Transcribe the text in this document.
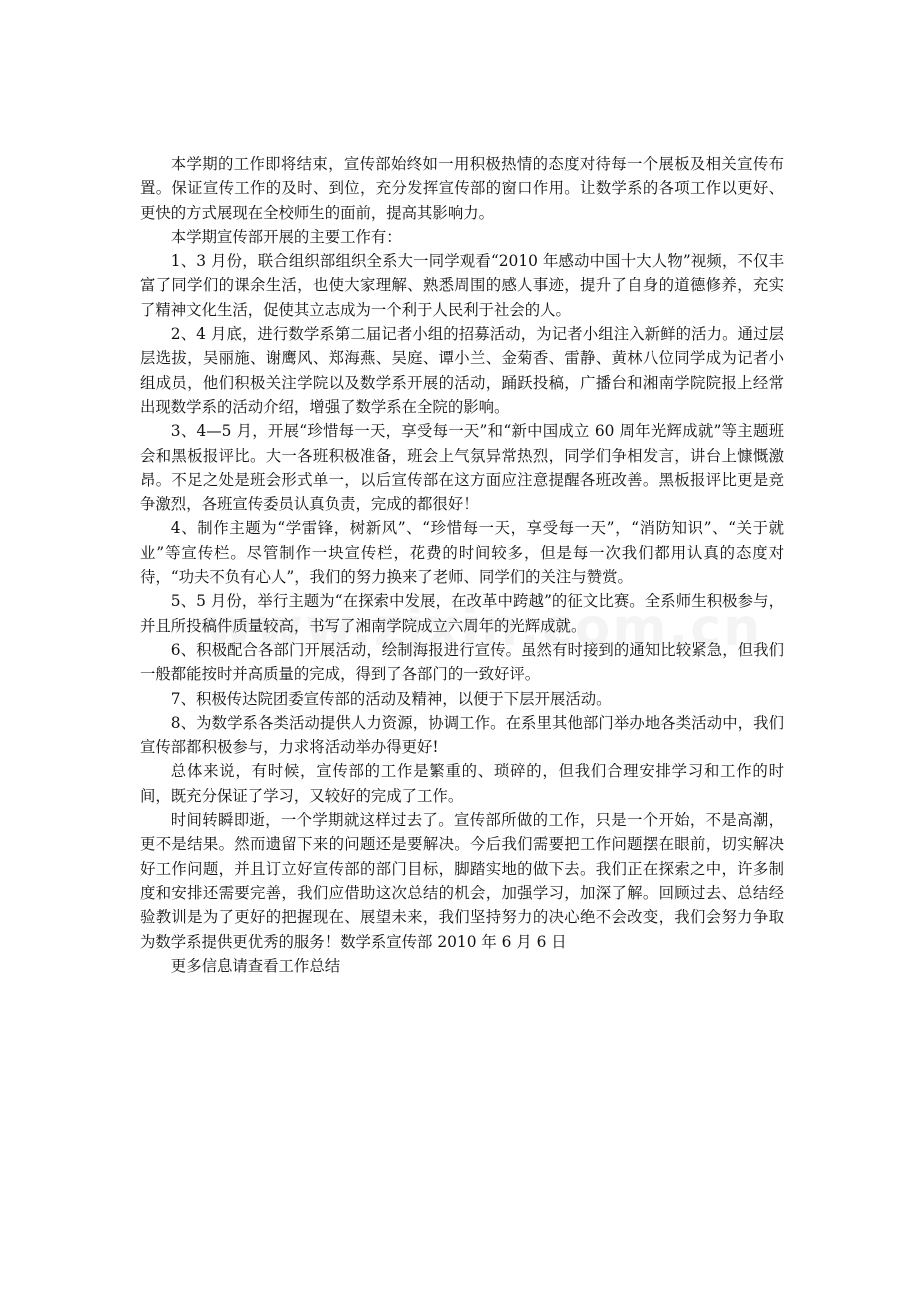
本学期的工作即将结束，宣传部始终如一用积极热情的态度对待每一个展板及相关宣传布置。保证宣传工作的及时、到位，充分发挥宣传部的窗口作用。让数学系的各项工作以更好、更快的方式展现在全校师生的面前，提高其影响力。

本学期宣传部开展的主要工作有：

1、3 月份，联合组织部组织全系大一同学观看“2010 年感动中国十大人物”视频，不仅丰富了同学们的课余生活，也使大家理解、熟悉周围的感人事迹，提升了自身的道德修养，充实了精神文化生活，促使其立志成为一个利于人民利于社会的人。

2、4 月底，进行数学系第二届记者小组的招募活动，为记者小组注入新鲜的活力。通过层层选拔，吴丽施、谢鹰风、郑海燕、吴庭、谭小兰、金菊香、雷静、黄林八位同学成为记者小组成员，他们积极关注学院以及数学系开展的活动，踊跃投稿，广播台和湘南学院院报上经常出现数学系的活动介绍，增强了数学系在全院的影响。

3、4—5 月，开展“珍惜每一天，享受每一天”和“新中国成立 60 周年光辉成就”等主题班会和黑板报评比。大一各班积极准备，班会上气氛异常热烈，同学们争相发言，讲台上慷慨激昂。不足之处是班会形式单一，以后宣传部在这方面应注意提醒各班改善。黑板报评比更是竞争激烈，各班宣传委员认真负责，完成的都很好！

4、制作主题为“学雷锋，树新风”、“珍惜每一天，享受每一天”，“消防知识”、“关于就业”等宣传栏。尽管制作一块宣传栏，花费的时间较多，但是每一次我们都用认真的态度对待，“功夫不负有心人”，我们的努力换来了老师、同学们的关注与赞赏。

5、5 月份，举行主题为“在探索中发展，在改革中跨越”的征文比赛。全系师生积极参与，并且所投稿件质量较高，书写了湘南学院成立六周年的光辉成就。

6、积极配合各部门开展活动，绘制海报进行宣传。虽然有时接到的通知比较紧急，但我们一般都能按时并高质量的完成，得到了各部门的一致好评。

7、积极传达院团委宣传部的活动及精神，以便于下层开展活动。

8、为数学系各类活动提供人力资源，协调工作。在系里其他部门举办地各类活动中，我们宣传部都积极参与，力求将活动举办得更好!

总体来说，有时候，宣传部的工作是繁重的、琐碎的，但我们合理安排学习和工作的时间，既充分保证了学习，又较好的完成了工作。

时间转瞬即逝，一个学期就这样过去了。宣传部所做的工作，只是一个开始，不是高潮，更不是结果。然而遗留下来的问题还是要解决。今后我们需要把工作问题摆在眼前，切实解决好工作问题，并且订立好宣传部的部门目标，脚踏实地的做下去。我们正在探索之中，许多制度和安排还需要完善，我们应借助这次总结的机会，加强学习，加深了解。回顾过去、总结经验教训是为了更好的把握现在、展望未来，我们坚持努力的决心绝不会改变，我们会努力争取为数学系提供更优秀的服务！数学系宣传部 2010 年 6 月 6 日

更多信息请查看工作总结
